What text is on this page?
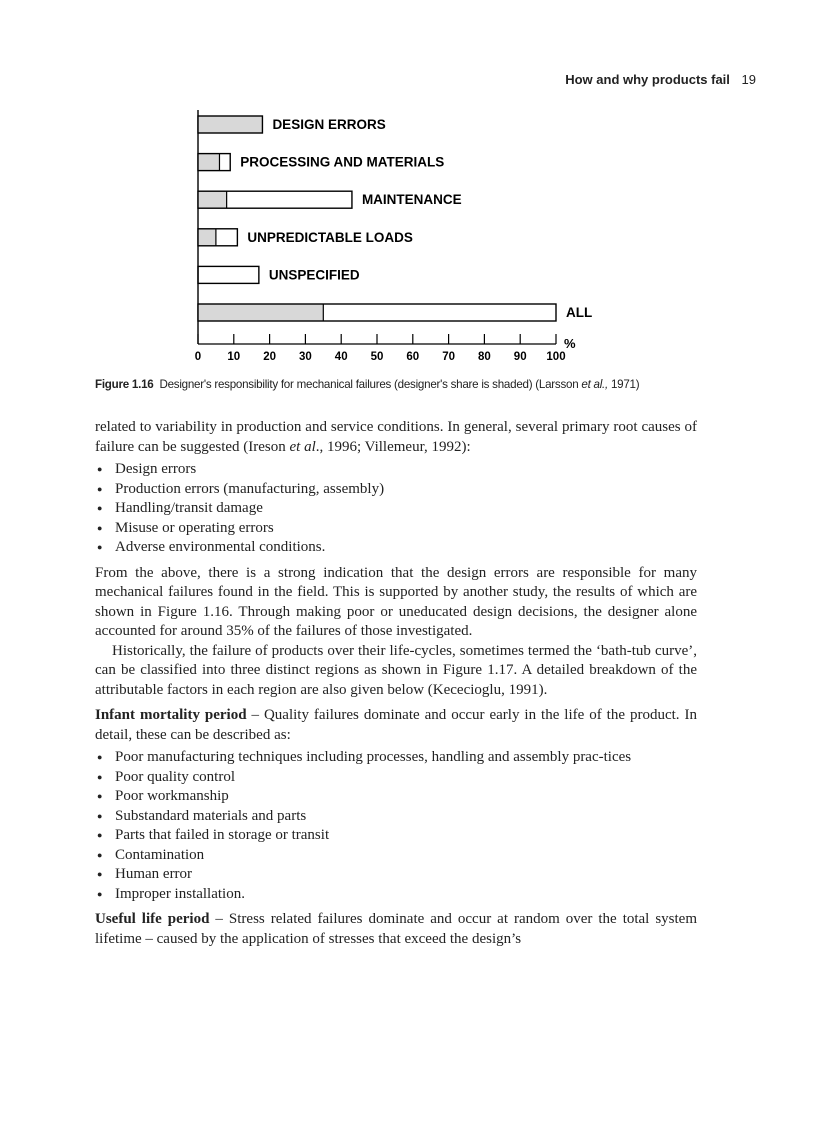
How and why products fail 19
DESIGN ERRORS
PROCESSING AND MATERIALS
MAINTENANCE
UNPREDICTABLE LOADS
UNSPECIFIED
ALL
0 10 20 30 40 50 60 70 80 90 100
%
Figure 1.16 Designer's responsibility for mechanical failures (designer's share is shaded) (Larsson et al., 1971)

related to variability in production and service conditions. In general, several primary root causes of failure can be suggested (Ireson et al., 1996; Villemeur, 1992):

● Design errors
● Production errors (manufacturing, assembly)
● Handling/transit damage
● Misuse or operating errors
● Adverse environmental conditions.

From the above, there is a strong indication that the design errors are responsible for many mechanical failures found in the field. This is supported by another study, the results of which are shown in Figure 1.16. Through making poor or uneducated design decisions, the designer alone accounted for around 35% of the failures of those investigated.

Historically, the failure of products over their life-cycles, sometimes termed the ‘bath-tub curve’, can be classified into three distinct regions as shown in Figure 1.17. A detailed breakdown of the attributable factors in each region are also given below (Kececioglu, 1991).

Infant mortality period – Quality failures dominate and occur early in the life of the product. In detail, these can be described as:

● Poor manufacturing techniques including processes, handling and assembly prac-tices
● Poor quality control
● Poor workmanship
● Substandard materials and parts
● Parts that failed in storage or transit
● Contamination
● Human error
● Improper installation.

Useful life period – Stress related failures dominate and occur at random over the total system lifetime – caused by the application of stresses that exceed the design’s
